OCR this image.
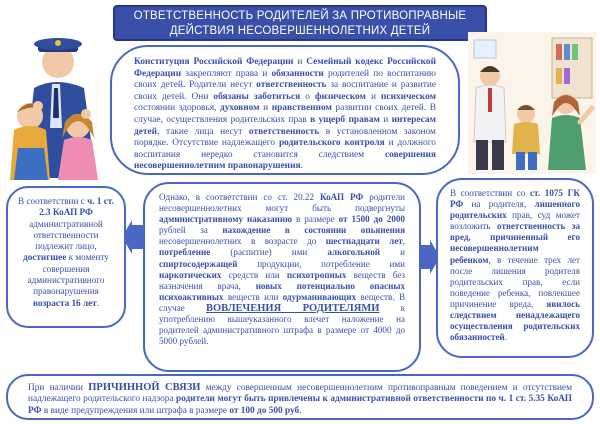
ОТВЕТСТВЕННОСТЬ РОДИТЕЛЕЙ ЗА ПРОТИВОПРАВНЫЕ
ДЕЙСТВИЯ НЕСОВЕРШЕННОЛЕТНИХ ДЕТЕЙ
Конституция Российской Федерации и Семейный кодекс Российской Федерации закрепляют права и обязанности родителей по воспитанию своих детей. Родители несут ответственность за воспитание и развитие своих детей. Они обязаны заботиться о физическом и психическом состоянии здоровья, духовном и нравственном развитии своих детей. В случае, осуществления родительских прав в ущерб правам и интересам детей, такие лица несут ответственность в установленном законом порядке. Отсутствие надлежащего родительского контроля и должного воспитания нередко становится следствием совершения несовершеннолетним правонарушения.
В соответствии с ч. 1 ст. 2.3 КоАП РФ административной ответственности подлежит лицо, достигшее к моменту совершения административного правонарушения возраста 16 лет.
Однако, в соответствии со ст. 20.22 КоАП РФ родители несовершеннолетних могут быть подвергнуты административному наказанию в размере от 1500 до 2000 рублей за нахождение в состоянии опьянения несовершеннолетних в возрасте до шестнадцати лет, потребление (распитие) ими алкогольной и спиртосодержащей продукции, потребление ими наркотических средств или психотропных веществ без назначения врача, новых потенциально опасных психоактивных веществ или одурманивающих веществ. В случае ВОВЛЕЧЕНИЯ РОДИТЕЛЯМИ к употреблению вышеуказанного влечет наложение на родителей административного штрафа в размере от 4000 до 5000 рублей.
В соответствии со ст. 1075 ГК РФ на родителя, лишенного родительских прав, суд может возложить ответственность за вред, причиненный его несовершеннолетним ребенком, в течение трех лет после лишения родителя родительских прав, если поведение ребенка, повлекшее причинение вреда, явилось следствием ненадлежащего осуществления родительских обязанностей.
При наличии ПРИЧИННОЙ СВЯЗИ между совершенным несовершеннолетним противоправным поведением и отсутствием надлежащего родительского надзора родители могут быть привлечены к административной ответственности по ч. 1 ст. 5.35 КоАП РФ в виде предупреждения или штрафа в размере от 100 до 500 руб.
